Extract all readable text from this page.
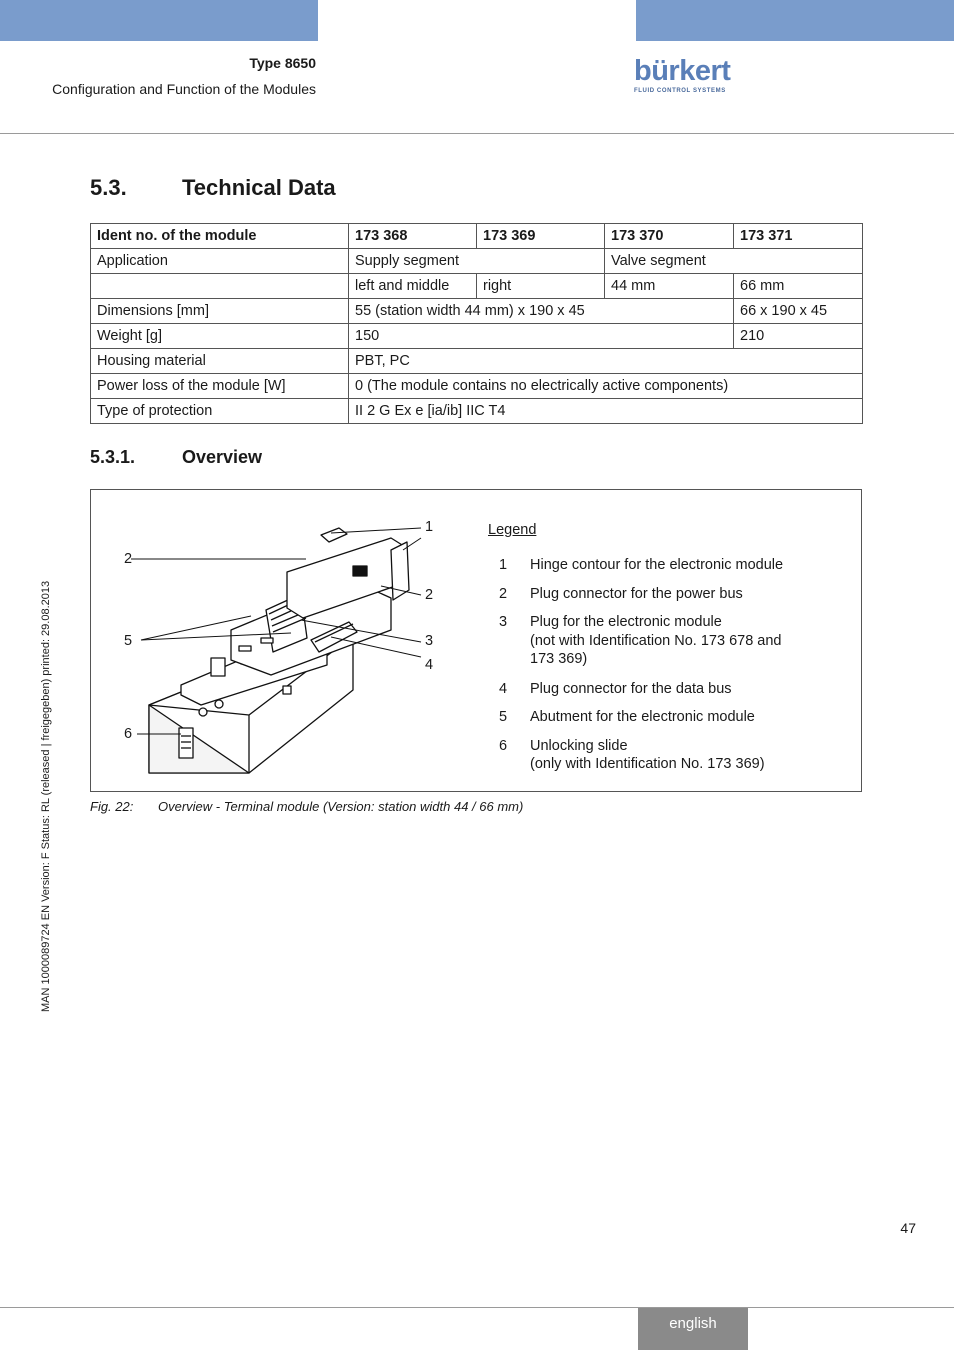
Type 8650
Configuration and Function of the Modules
bürkert
FLUID CONTROL SYSTEMS
5.3.	Technical Data
Ident no. of the module	173 368	173 369	173 370	173 371
Application	Supply segment		Valve segment	
	left and middle	right	44 mm	66 mm
Dimensions [mm]	55 (station width 44 mm) x 190 x 45			66 x 190 x 45
Weight [g]	150			210
Housing material	PBT, PC			
Power loss of the module [W]	0 (The module contains no electrically active components)			
Type of protection	II 2 G Ex e [ia/ib] IIC T4			
5.3.1.	Overview
1
2
2
3
4
5
6
Legend
1	Hinge contour for the electronic module
2	Plug connector for the power bus
3	Plug for the electronic module
(not with Identification No. 173 678 and
173 369)
4	Plug connector for the data bus
5	Abutment for the electronic module
6	Unlocking slide
(only with Identification No. 173 369)
Fig. 22: Overview - Terminal module (Version: station width 44 / 66 mm)
MAN 1000089724 EN Version: F Status: RL (released | freigegeben) printed: 29.08.2013
47
english
